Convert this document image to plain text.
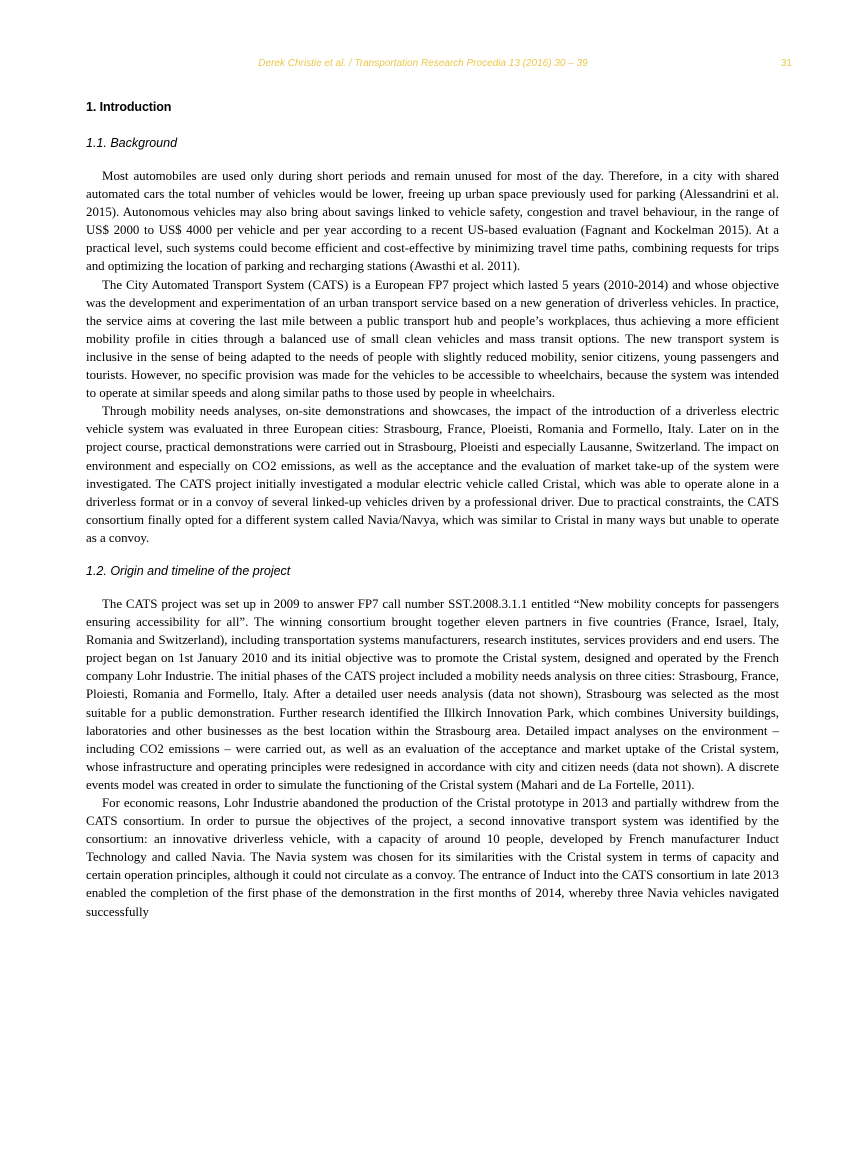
Derek Christie et al. / Transportation Research Procedia 13 (2016) 30 – 39	31
1. Introduction
1.1. Background

Most automobiles are used only during short periods and remain unused for most of the day. Therefore, in a city with shared automated cars the total number of vehicles would be lower, freeing up urban space previously used for parking (Alessandrini et al. 2015). Autonomous vehicles may also bring about savings linked to vehicle safety, congestion and travel behaviour, in the range of US$ 2000 to US$ 4000 per vehicle and per year according to a recent US-based evaluation (Fagnant and Kockelman 2015). At a practical level, such systems could become efficient and cost-effective by minimizing travel time paths, combining requests for trips and optimizing the location of parking and recharging stations (Awasthi et al. 2011).

The City Automated Transport System (CATS) is a European FP7 project which lasted 5 years (2010-2014) and whose objective was the development and experimentation of an urban transport service based on a new generation of driverless vehicles. In practice, the service aims at covering the last mile between a public transport hub and people’s workplaces, thus achieving a more efficient mobility profile in cities through a balanced use of small clean vehicles and mass transit options. The new transport system is inclusive in the sense of being adapted to the needs of people with slightly reduced mobility, senior citizens, young passengers and tourists. However, no specific provision was made for the vehicles to be accessible to wheelchairs, because the system was intended to operate at similar speeds and along similar paths to those used by people in wheelchairs.

Through mobility needs analyses, on-site demonstrations and showcases, the impact of the introduction of a driverless electric vehicle system was evaluated in three European cities: Strasbourg, France, Ploeisti, Romania and Formello, Italy. Later on in the project course, practical demonstrations were carried out in Strasbourg, Ploeisti and especially Lausanne, Switzerland. The impact on environment and especially on CO2 emissions, as well as the acceptance and the evaluation of market take-up of the system were investigated. The CATS project initially investigated a modular electric vehicle called Cristal, which was able to operate alone in a driverless format or in a convoy of several linked-up vehicles driven by a professional driver. Due to practical constraints, the CATS consortium finally opted for a different system called Navia/Navya, which was similar to Cristal in many ways but unable to operate as a convoy.

1.2. Origin and timeline of the project

The CATS project was set up in 2009 to answer FP7 call number SST.2008.3.1.1 entitled “New mobility concepts for passengers ensuring accessibility for all”. The winning consortium brought together eleven partners in five countries (France, Israel, Italy, Romania and Switzerland), including transportation systems manufacturers, research institutes, services providers and end users. The project began on 1st January 2010 and its initial objective was to promote the Cristal system, designed and operated by the French company Lohr Industrie. The initial phases of the CATS project included a mobility needs analysis on three cities: Strasbourg, France, Ploiesti, Romania and Formello, Italy. After a detailed user needs analysis (data not shown), Strasbourg was selected as the most suitable for a public demonstration. Further research identified the Illkirch Innovation Park, which combines University buildings, laboratories and other businesses as the best location within the Strasbourg area. Detailed impact analyses on the environment – including CO2 emissions – were carried out, as well as an evaluation of the acceptance and market uptake of the Cristal system, whose infrastructure and operating principles were redesigned in accordance with city and citizen needs (data not shown). A discrete events model was created in order to simulate the functioning of the Cristal system (Mahari and de La Fortelle, 2011).

For economic reasons, Lohr Industrie abandoned the production of the Cristal prototype in 2013 and partially withdrew from the CATS consortium. In order to pursue the objectives of the project, a second innovative transport system was identified by the consortium: an innovative driverless vehicle, with a capacity of around 10 people, developed by French manufacturer Induct Technology and called Navia. The Navia system was chosen for its similarities with the Cristal system in terms of capacity and certain operation principles, although it could not circulate as a convoy. The entrance of Induct into the CATS consortium in late 2013 enabled the completion of the first phase of the demonstration in the first months of 2014, whereby three Navia vehicles navigated successfully
